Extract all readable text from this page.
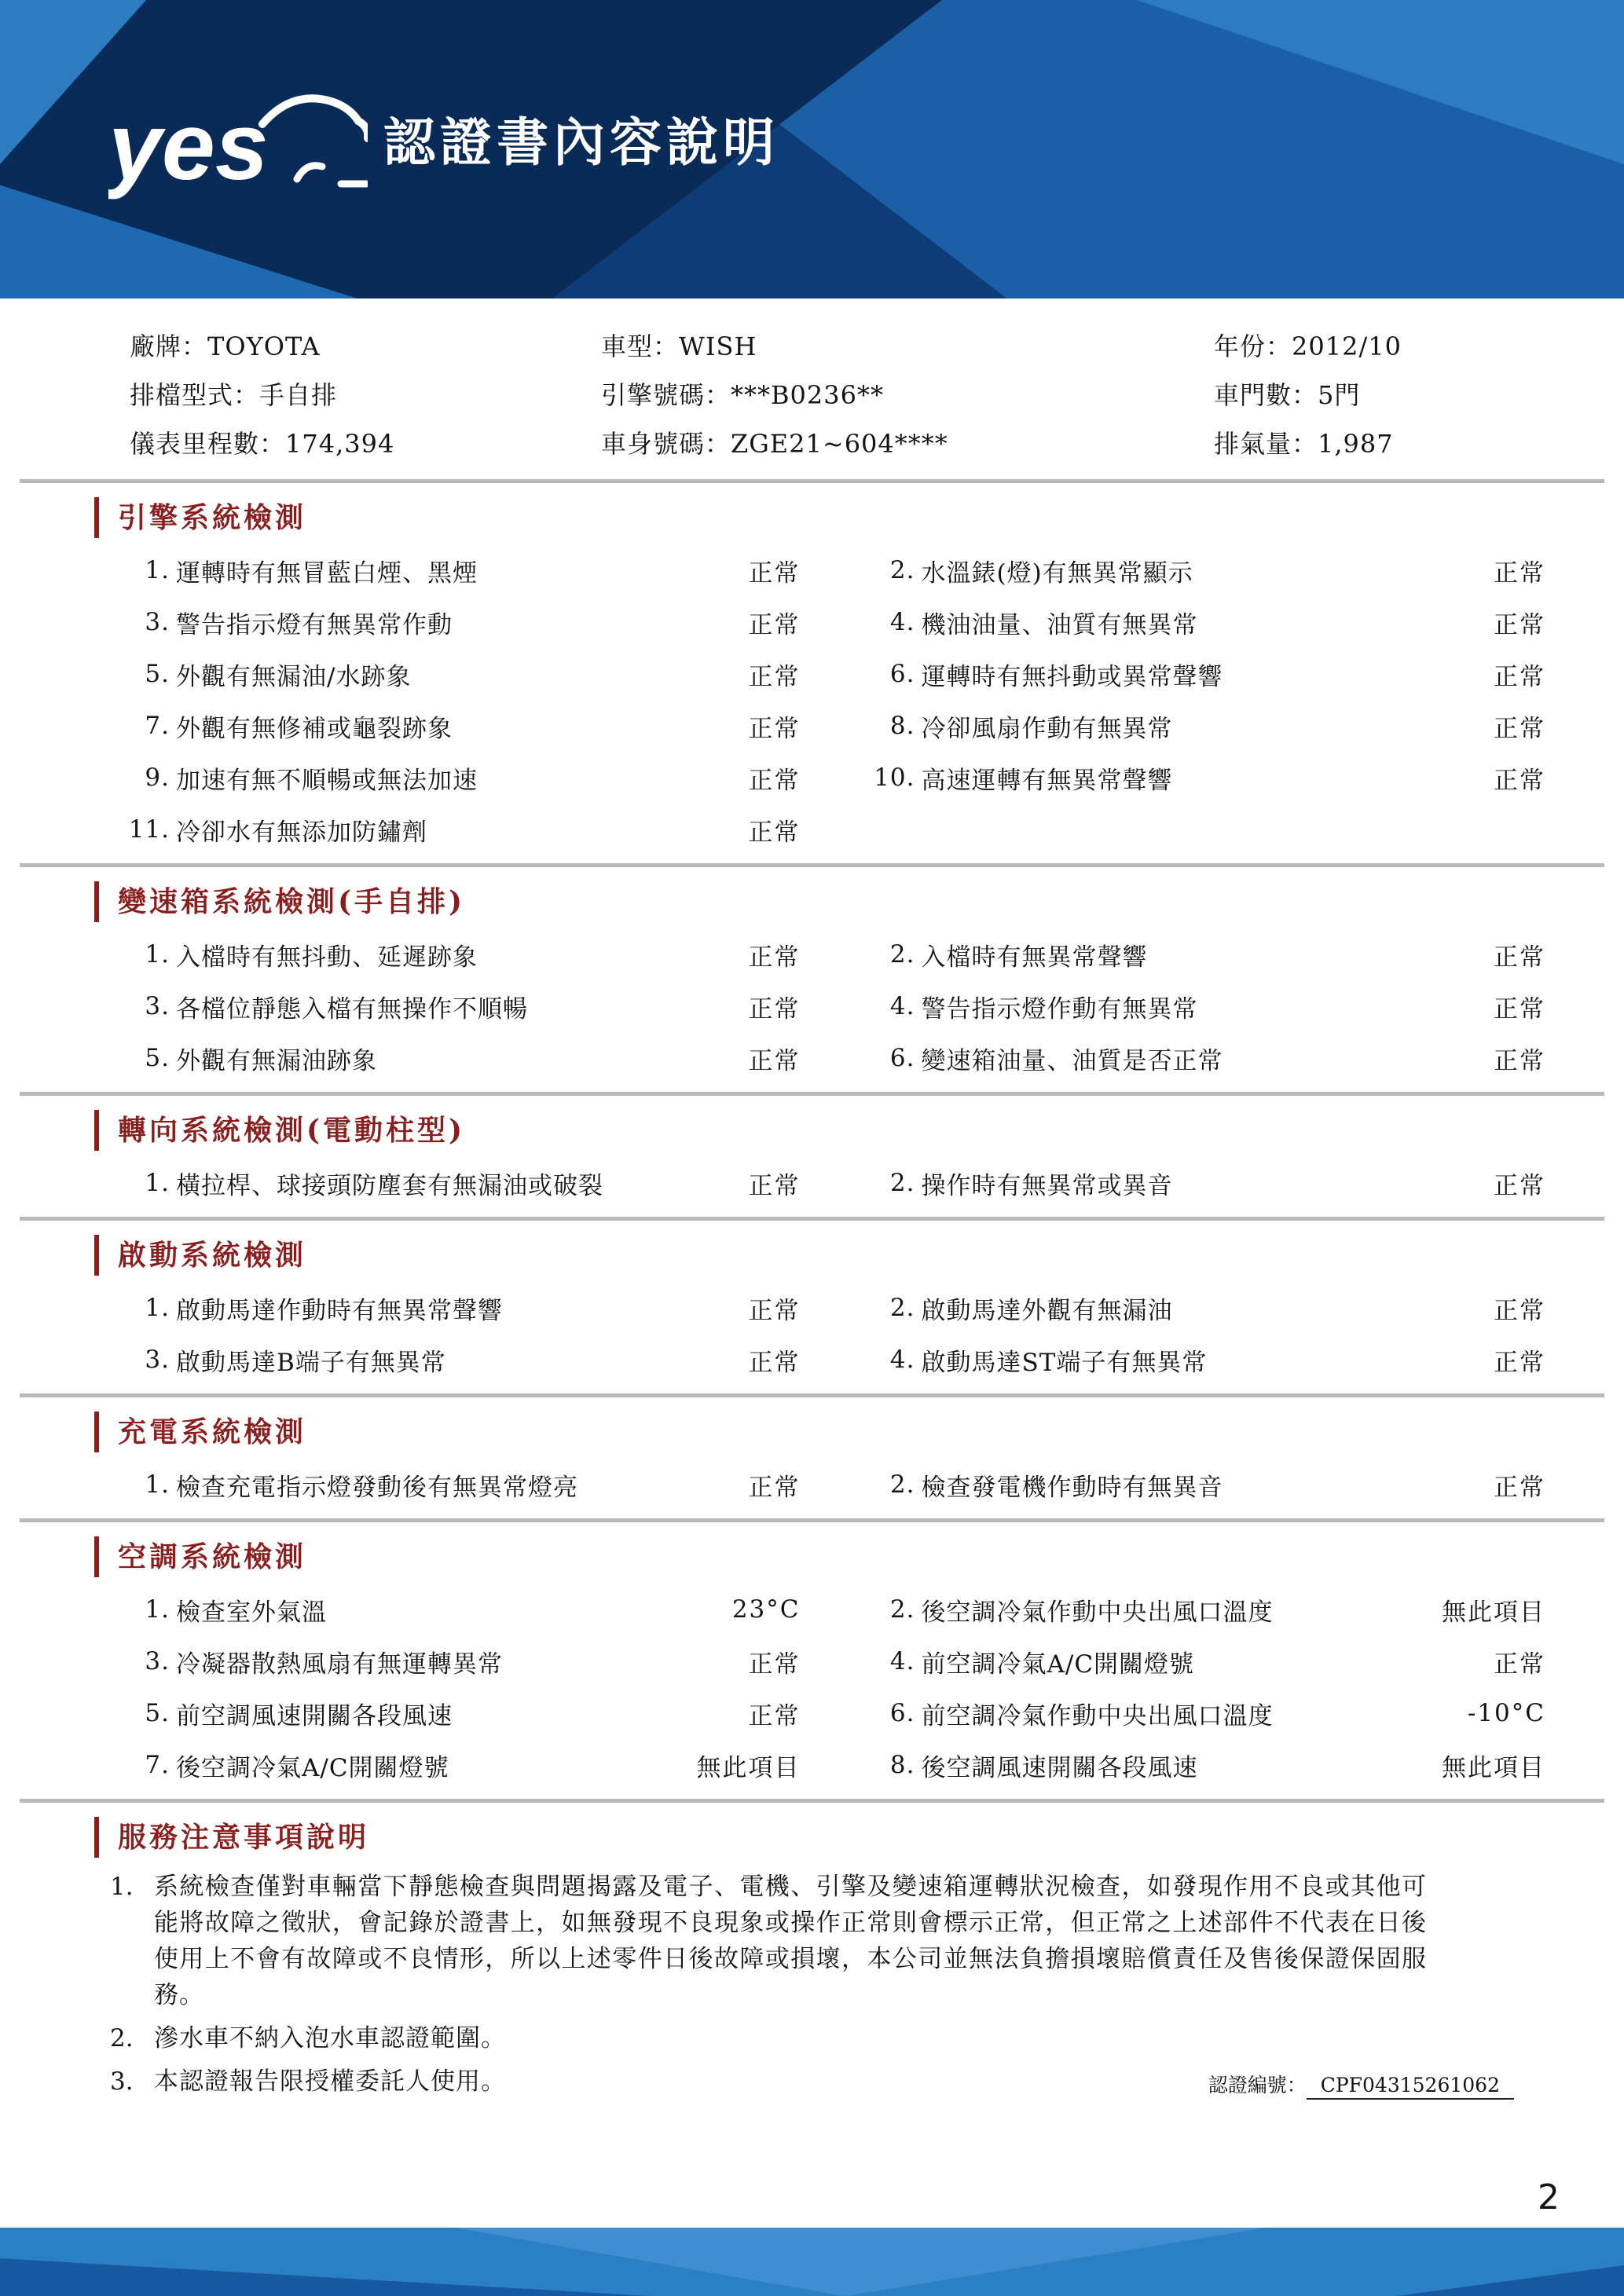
yes 認證書內容說明
廠牌：TOYOTA	車型：WISH	年份：2012/10
排檔型式：手自排	引擎號碼：***B0236**	車門數：5門
儀表里程數：174,394	車身號碼：ZGE21~604****	排氣量：1,987
引擎系統檢測
1. 運轉時有無冒藍白煙、黑煙	正常	2. 水溫錶(燈)有無異常顯示	正常
3. 警告指示燈有無異常作動	正常	4. 機油油量、油質有無異常	正常
5. 外觀有無漏油/水跡象	正常	6. 運轉時有無抖動或異常聲響	正常
7. 外觀有無修補或龜裂跡象	正常	8. 冷卻風扇作動有無異常	正常
9. 加速有無不順暢或無法加速	正常	10. 高速運轉有無異常聲響	正常
11. 冷卻水有無添加防鏽劑	正常
變速箱系統檢測(手自排)
1. 入檔時有無抖動、延遲跡象	正常	2. 入檔時有無異常聲響	正常
3. 各檔位靜態入檔有無操作不順暢	正常	4. 警告指示燈作動有無異常	正常
5. 外觀有無漏油跡象	正常	6. 變速箱油量、油質是否正常	正常
轉向系統檢測(電動柱型)
1. 橫拉桿、球接頭防塵套有無漏油或破裂	正常	2. 操作時有無異常或異音	正常
啟動系統檢測
1. 啟動馬達作動時有無異常聲響	正常	2. 啟動馬達外觀有無漏油	正常
3. 啟動馬達B端子有無異常	正常	4. 啟動馬達ST端子有無異常	正常
充電系統檢測
1. 檢查充電指示燈發動後有無異常燈亮	正常	2. 檢查發電機作動時有無異音	正常
空調系統檢測
1. 檢查室外氣溫	23°C	2. 後空調冷氣作動中央出風口溫度	無此項目
3. 冷凝器散熱風扇有無運轉異常	正常	4. 前空調冷氣A/C開關燈號	正常
5. 前空調風速開關各段風速	正常	6. 前空調冷氣作動中央出風口溫度	-10°C
7. 後空調冷氣A/C開關燈號	無此項目	8. 後空調風速開關各段風速	無此項目
服務注意事項說明
1. 系統檢查僅對車輛當下靜態檢查與問題揭露及電子、電機、引擎及變速箱運轉狀況檢查，如發現作用不良或其他可能將故障之徵狀，會記錄於證書上，如無發現不良現象或操作正常則會標示正常，但正常之上述部件不代表在日後使用上不會有故障或不良情形，所以上述零件日後故障或損壞，本公司並無法負擔損壞賠償責任及售後保證保固服務。
2. 滲水車不納入泡水車認證範圍。
3. 本認證報告限授權委託人使用。	認證編號： CPF04315261062
2
